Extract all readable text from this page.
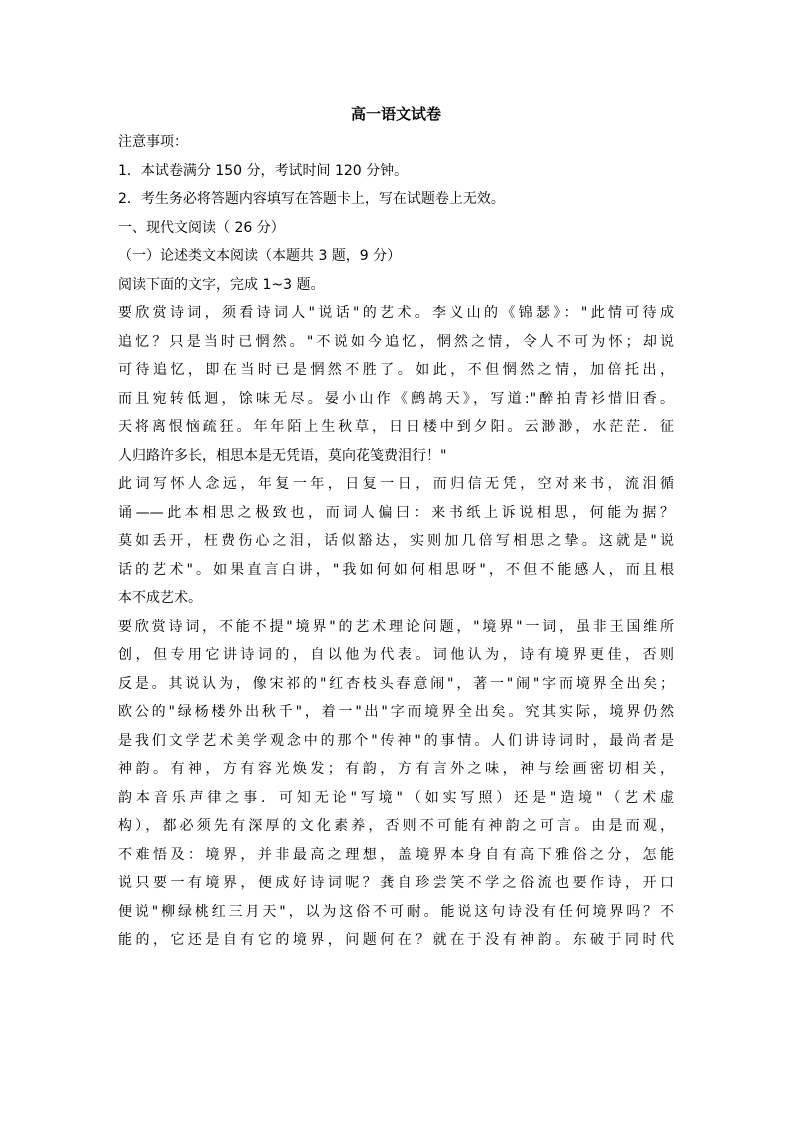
高一语文试卷
注意事项：
1．本试卷满分 150 分，考试时间 120 分钟。
2．考生务必将答题内容填写在答题卡上，写在试题卷上无效。
一、现代文阅读（ 26 分）
（一）论述类文本阅读（本题共 3 题，9 分）
阅读下面的文字，完成 1~3 题。
要欣赏诗词，须看诗词人"说话"的艺术。李义山的《锦瑟》："此情可待成
追忆？只是当时已惘然。"不说如今追忆，惘然之情，令人不可为怀；却说
可待追忆，即在当时已是惘然不胜了。如此，不但惘然之情，加倍托出，
而且宛转低迴，馀味无尽。晏小山作《鹧鸪天》，写道:"醉拍青衫惜旧香。
天将离恨恼疏狂。年年陌上生秋草，日日楼中到夕阳。云渺渺，水茫茫．征
人归路许多长，相思本是无凭语，莫向花笺费泪行！"
此词写怀人念远，年复一年，日复一日，而归信无凭，空对来书，流泪循
诵——此本相思之极致也，而词人偏曰：来书纸上诉说相思，何能为据？
莫如丢开，枉费伤心之泪，话似豁达，实则加几倍写相思之挚。这就是"说
话的艺术"。如果直言白讲，"我如何如何相思呀"，不但不能感人，而且根
本不成艺术。
要欣赏诗词，不能不提"境界"的艺术理论问题，"境界"一词，虽非王国维所
创，但专用它讲诗词的，自以他为代表。词他认为，诗有境界更佳，否则
反是。其说认为，像宋祁的"红杏枝头春意闹"，著一"闹"字而境界全出矣；
欧公的"绿杨楼外出秋千"，着一"出"字而境界全出矣。究其实际，境界仍然
是我们文学艺术美学观念中的那个"传神"的事情。人们讲诗词时，最尚者是
神韵。有神，方有容光焕发；有韵，方有言外之味，神与绘画密切相关，
韵本音乐声律之事．可知无论"写境"（如实写照）还是"造境"（艺术虚
构），都必须先有深厚的文化素养，否则不可能有神韵之可言。由是而观，
不难悟及：境界，并非最高之理想，盖境界本身自有高下雅俗之分，怎能
说只要一有境界，便成好诗词呢？龚自珍尝笑不学之俗流也要作诗，开口
便说"柳绿桃红三月天"，以为这俗不可耐。能说这句诗没有任何境界吗？不
能的，它还是自有它的境界，问题何在？就在于没有神韵。东破于同时代
